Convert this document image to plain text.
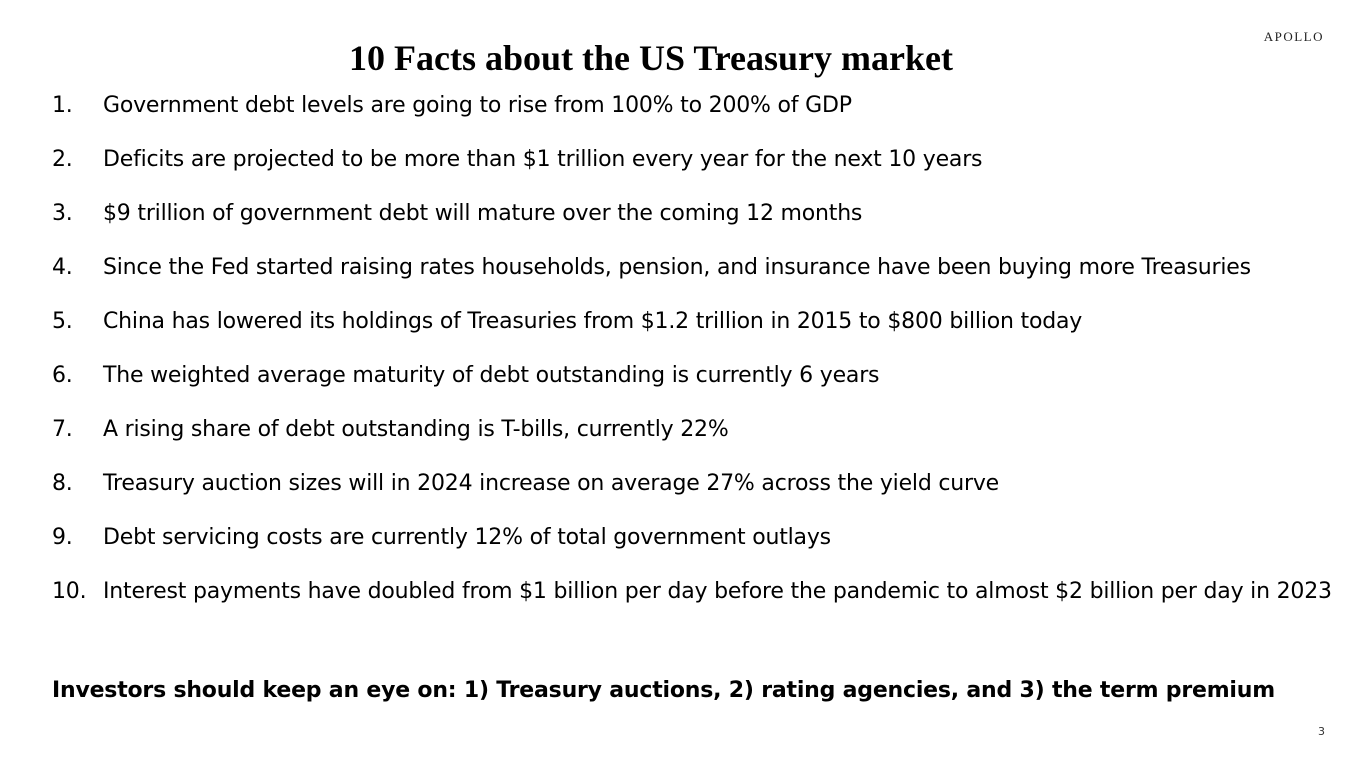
APOLLO
10 Facts about the US Treasury market
1.	Government debt levels are going to rise from 100% to 200% of GDP
2.	Deficits are projected to be more than $1 trillion every year for the next 10 years
3.	$9 trillion of government debt will mature over the coming 12 months
4.	Since the Fed started raising rates households, pension, and insurance have been buying more Treasuries
5.	China has lowered its holdings of Treasuries from $1.2 trillion in 2015 to $800 billion today
6.	The weighted average maturity of debt outstanding is currently 6 years
7.	A rising share of debt outstanding is T-bills, currently 22%
8.	Treasury auction sizes will in 2024 increase on average 27% across the yield curve
9.	Debt servicing costs are currently 12% of total government outlays
10. Interest payments have doubled from $1 billion per day before the pandemic to almost $2 billion per day in 2023

Investors should keep an eye on: 1) Treasury auctions, 2) rating agencies, and 3) the term premium

3
